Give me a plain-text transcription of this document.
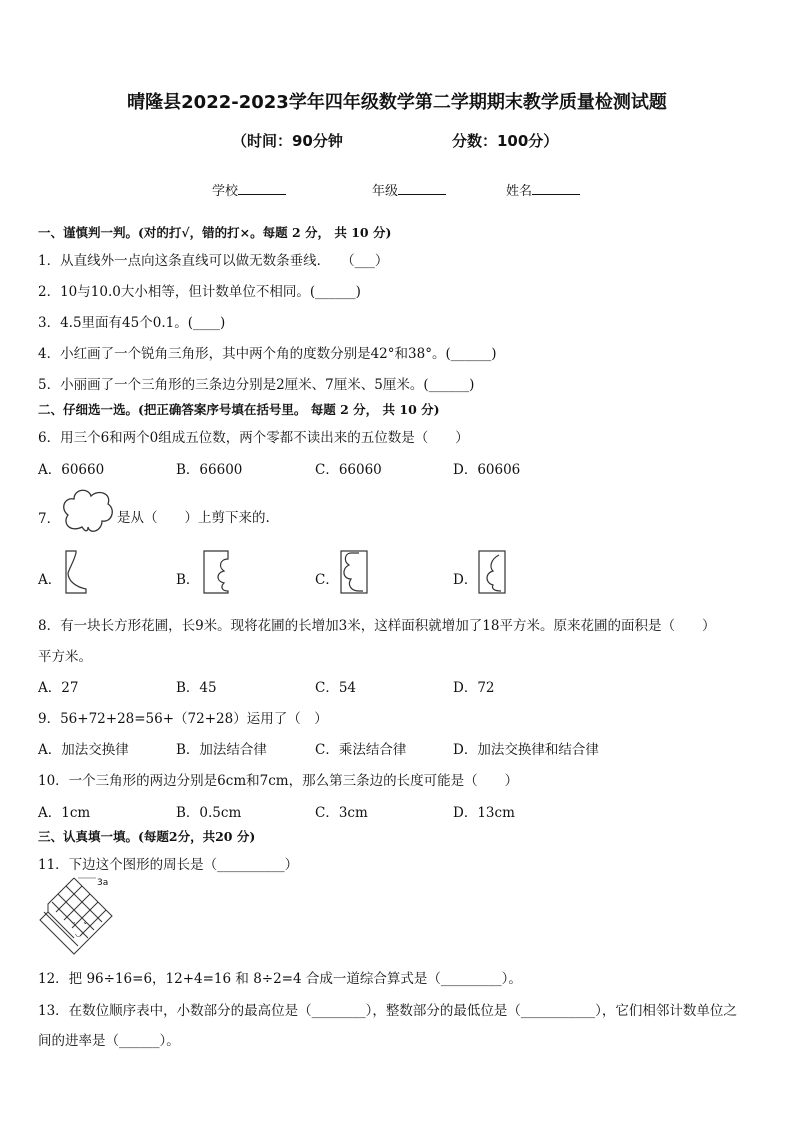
晴隆县2022-2023学年四年级数学第二学期期末教学质量检测试题
（时间：90分钟	分数：100分）
学校	年级	姓名
一、谨慎判一判。(对的打√，错的打×。每题 2 分， 共 10 分)
1．从直线外一点向这条直线可以做无数条垂线．　 （___）
2．10与10.0大小相等，但计数单位不相同。(______)
3．4.5里面有45个0.1。(____)
4．小红画了一个锐角三角形，其中两个角的度数分别是42°和38°。(______)
5．小丽画了一个三角形的三条边分别是2厘米、7厘米、5厘米。(______)
二、仔细选一选。(把正确答案序号填在括号里。 每题 2 分， 共 10 分)
6．用三个6和两个0组成五位数，两个零都不读出来的五位数是（　　）
A．60660	B．66600	C．66060	D．60606
7．	是从（　　）上剪下来的.
A．	B．	C．	D．
8．有一块长方形花圃，长9米。现将花圃的长增加3米，这样面积就增加了18平方米。原来花圃的面积是（　　）
平方米。
A．27	B．45	C．54	D．72
9．56+72+28=56+（72+28）运用了（　）
A．加法交换律	B．加法结合律	C．乘法结合律	D．加法交换律和结合律
10．一个三角形的两边分别是6cm和7cm，那么第三条边的长度可能是（　　）
A．1cm	B．0.5cm	C．3cm	D．13cm
三、认真填一填。(每题2分，共20 分)
11．下边这个图形的周长是（__________）
⌄ ⌄
◡
3a
12．把 96÷16=6，12+4=16 和 8÷2=4 合成一道综合算式是（_________）。
13．在数位顺序表中，小数部分的最高位是（________），整数部分的最低位是（___________），它们相邻计数单位之
间的进率是（______）。
